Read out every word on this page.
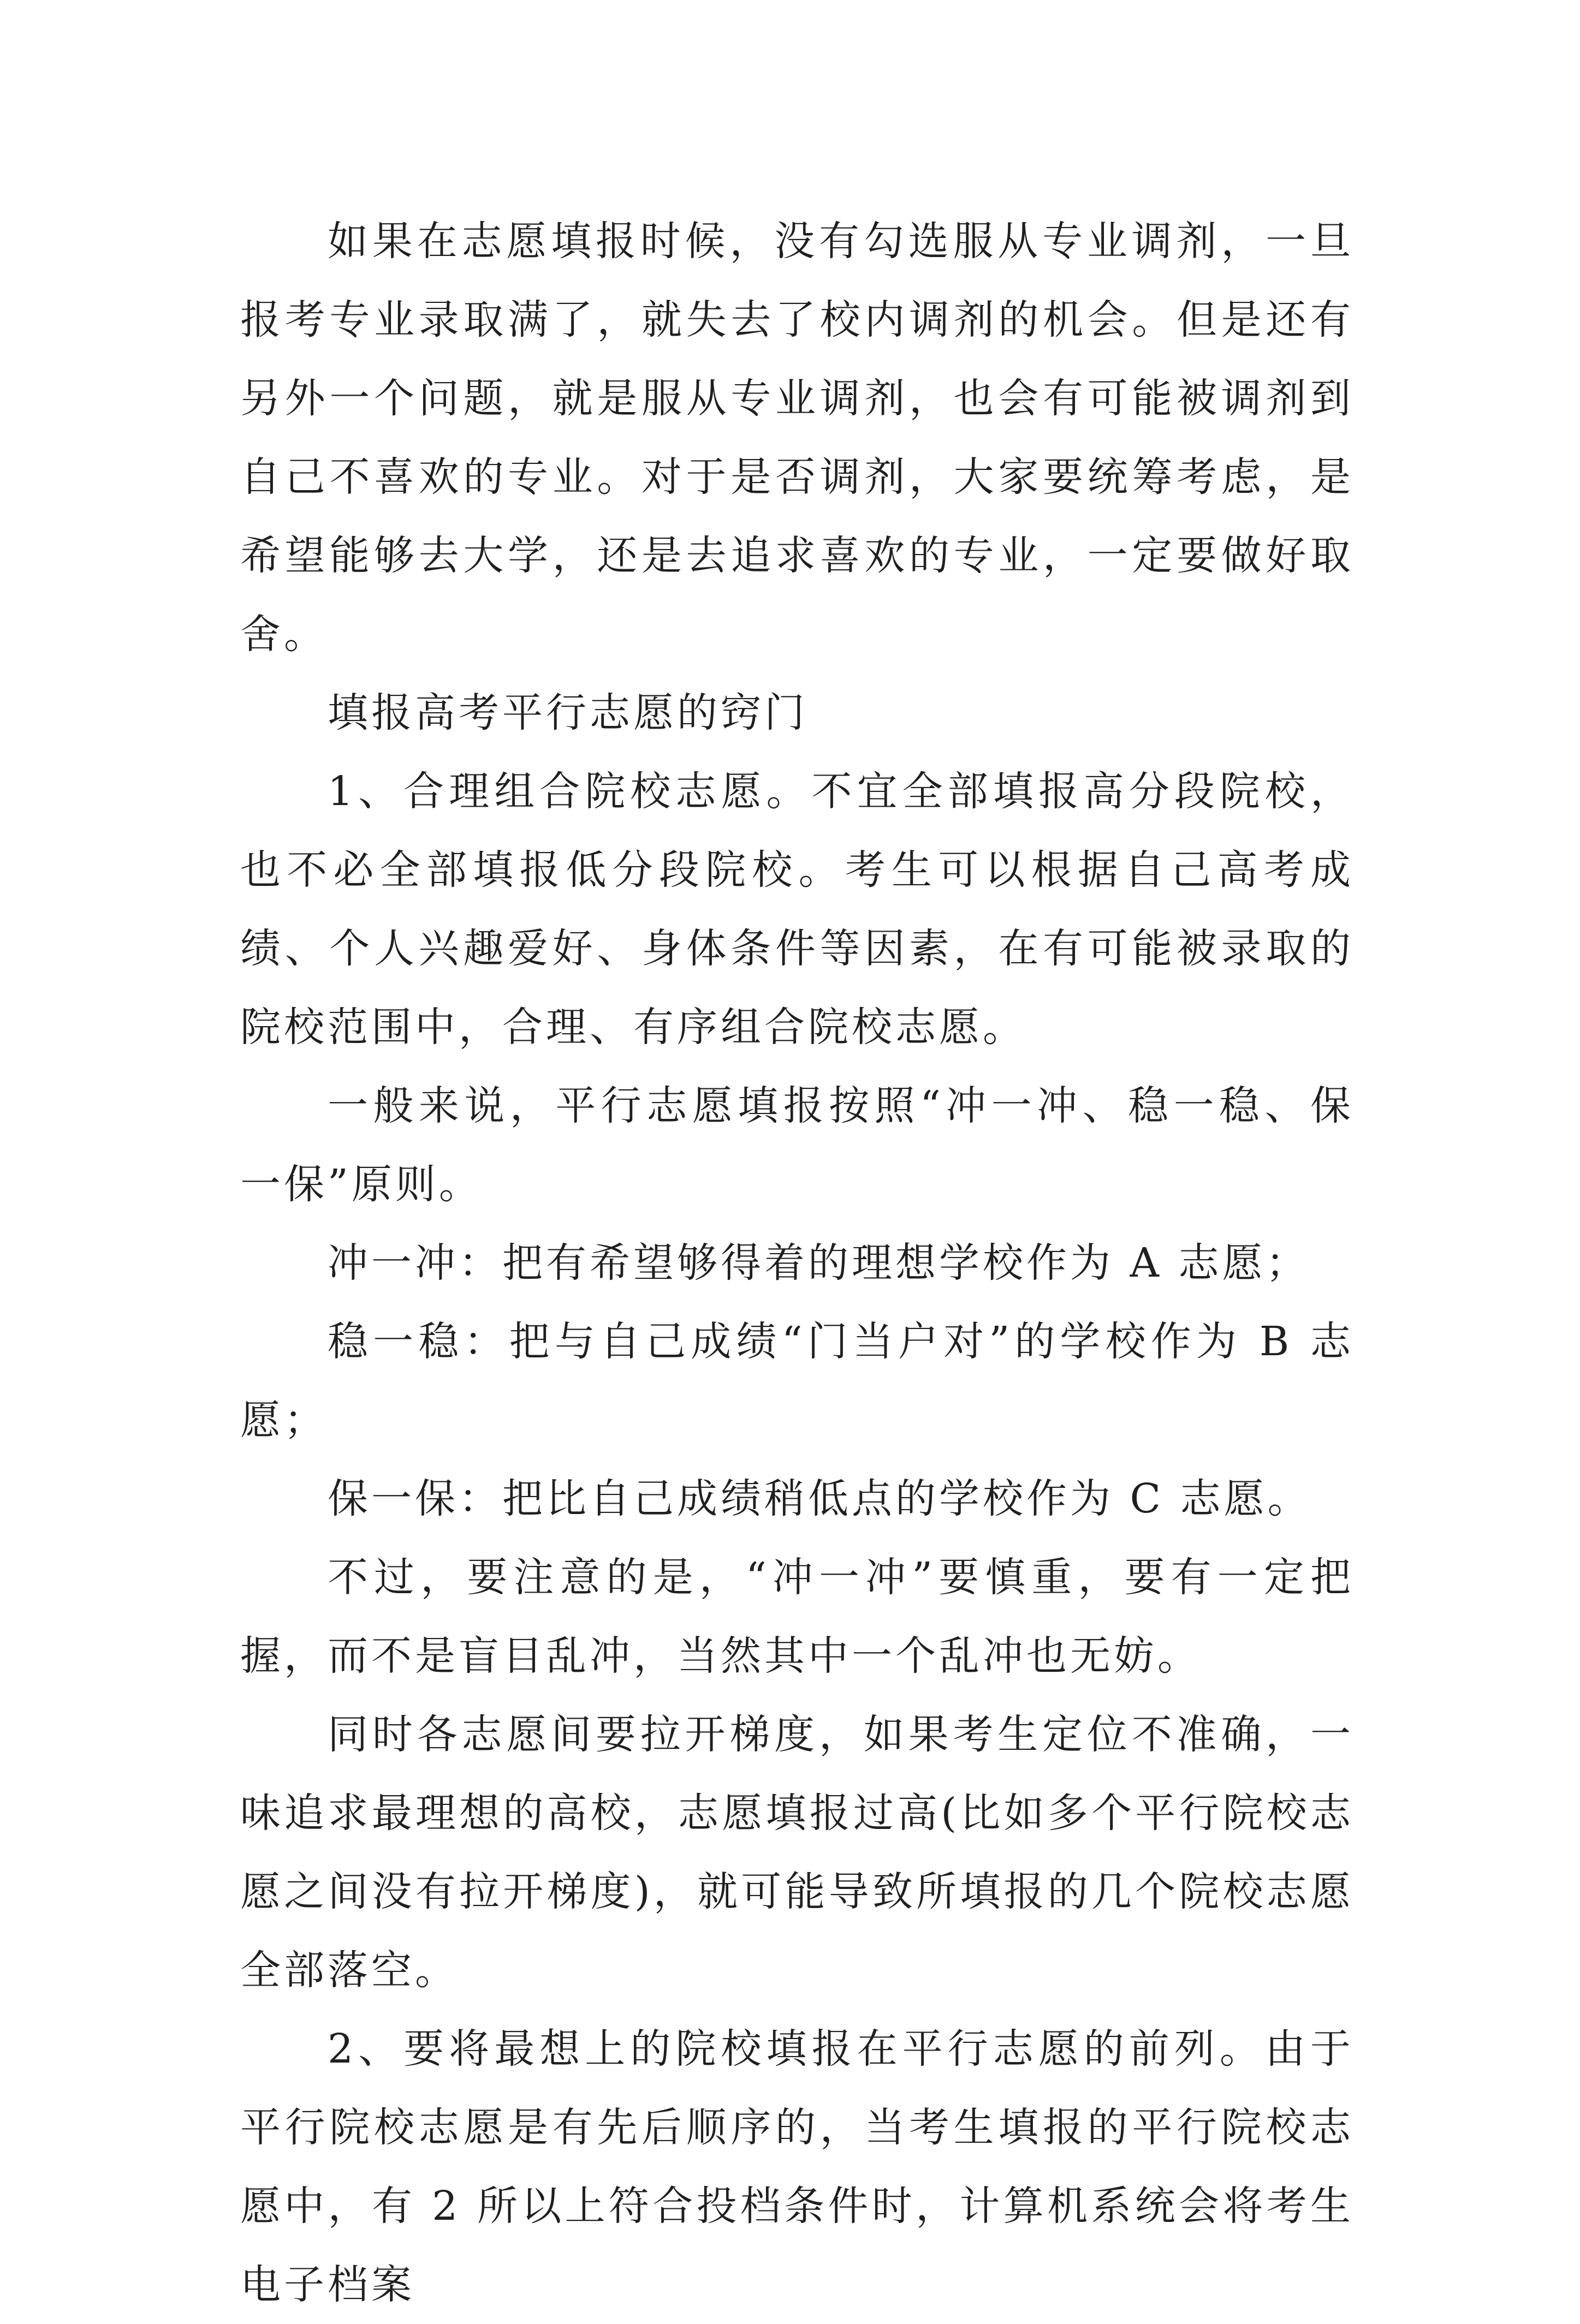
如果在志愿填报时候，没有勾选服从专业调剂，一旦报考专业录取满了，就失去了校内调剂的机会。但是还有另外一个问题，就是服从专业调剂，也会有可能被调剂到自己不喜欢的专业。对于是否调剂，大家要统筹考虑，是希望能够去大学，还是去追求喜欢的专业，一定要做好取舍。

填报高考平行志愿的窍门

1、合理组合院校志愿。不宜全部填报高分段院校，也不必全部填报低分段院校。考生可以根据自己高考成绩、个人兴趣爱好、身体条件等因素，在有可能被录取的院校范围中，合理、有序组合院校志愿。

一般来说，平行志愿填报按照“冲一冲、稳一稳、保一保”原则。

冲一冲：把有希望够得着的理想学校作为 A 志愿；

稳一稳：把与自己成绩“门当户对”的学校作为 B 志愿；

保一保：把比自己成绩稍低点的学校作为 C 志愿。

不过，要注意的是，“冲一冲”要慎重，要有一定把握，而不是盲目乱冲，当然其中一个乱冲也无妨。

同时各志愿间要拉开梯度，如果考生定位不准确，一味追求最理想的高校，志愿填报过高(比如多个平行院校志愿之间没有拉开梯度)，就可能导致所填报的几个院校志愿全部落空。

2、要将最想上的院校填报在平行志愿的前列。由于平行院校志愿是有先后顺序的，当考生填报的平行院校志愿中，有 2 所以上符合投档条件时，计算机系统会将考生电子档案
